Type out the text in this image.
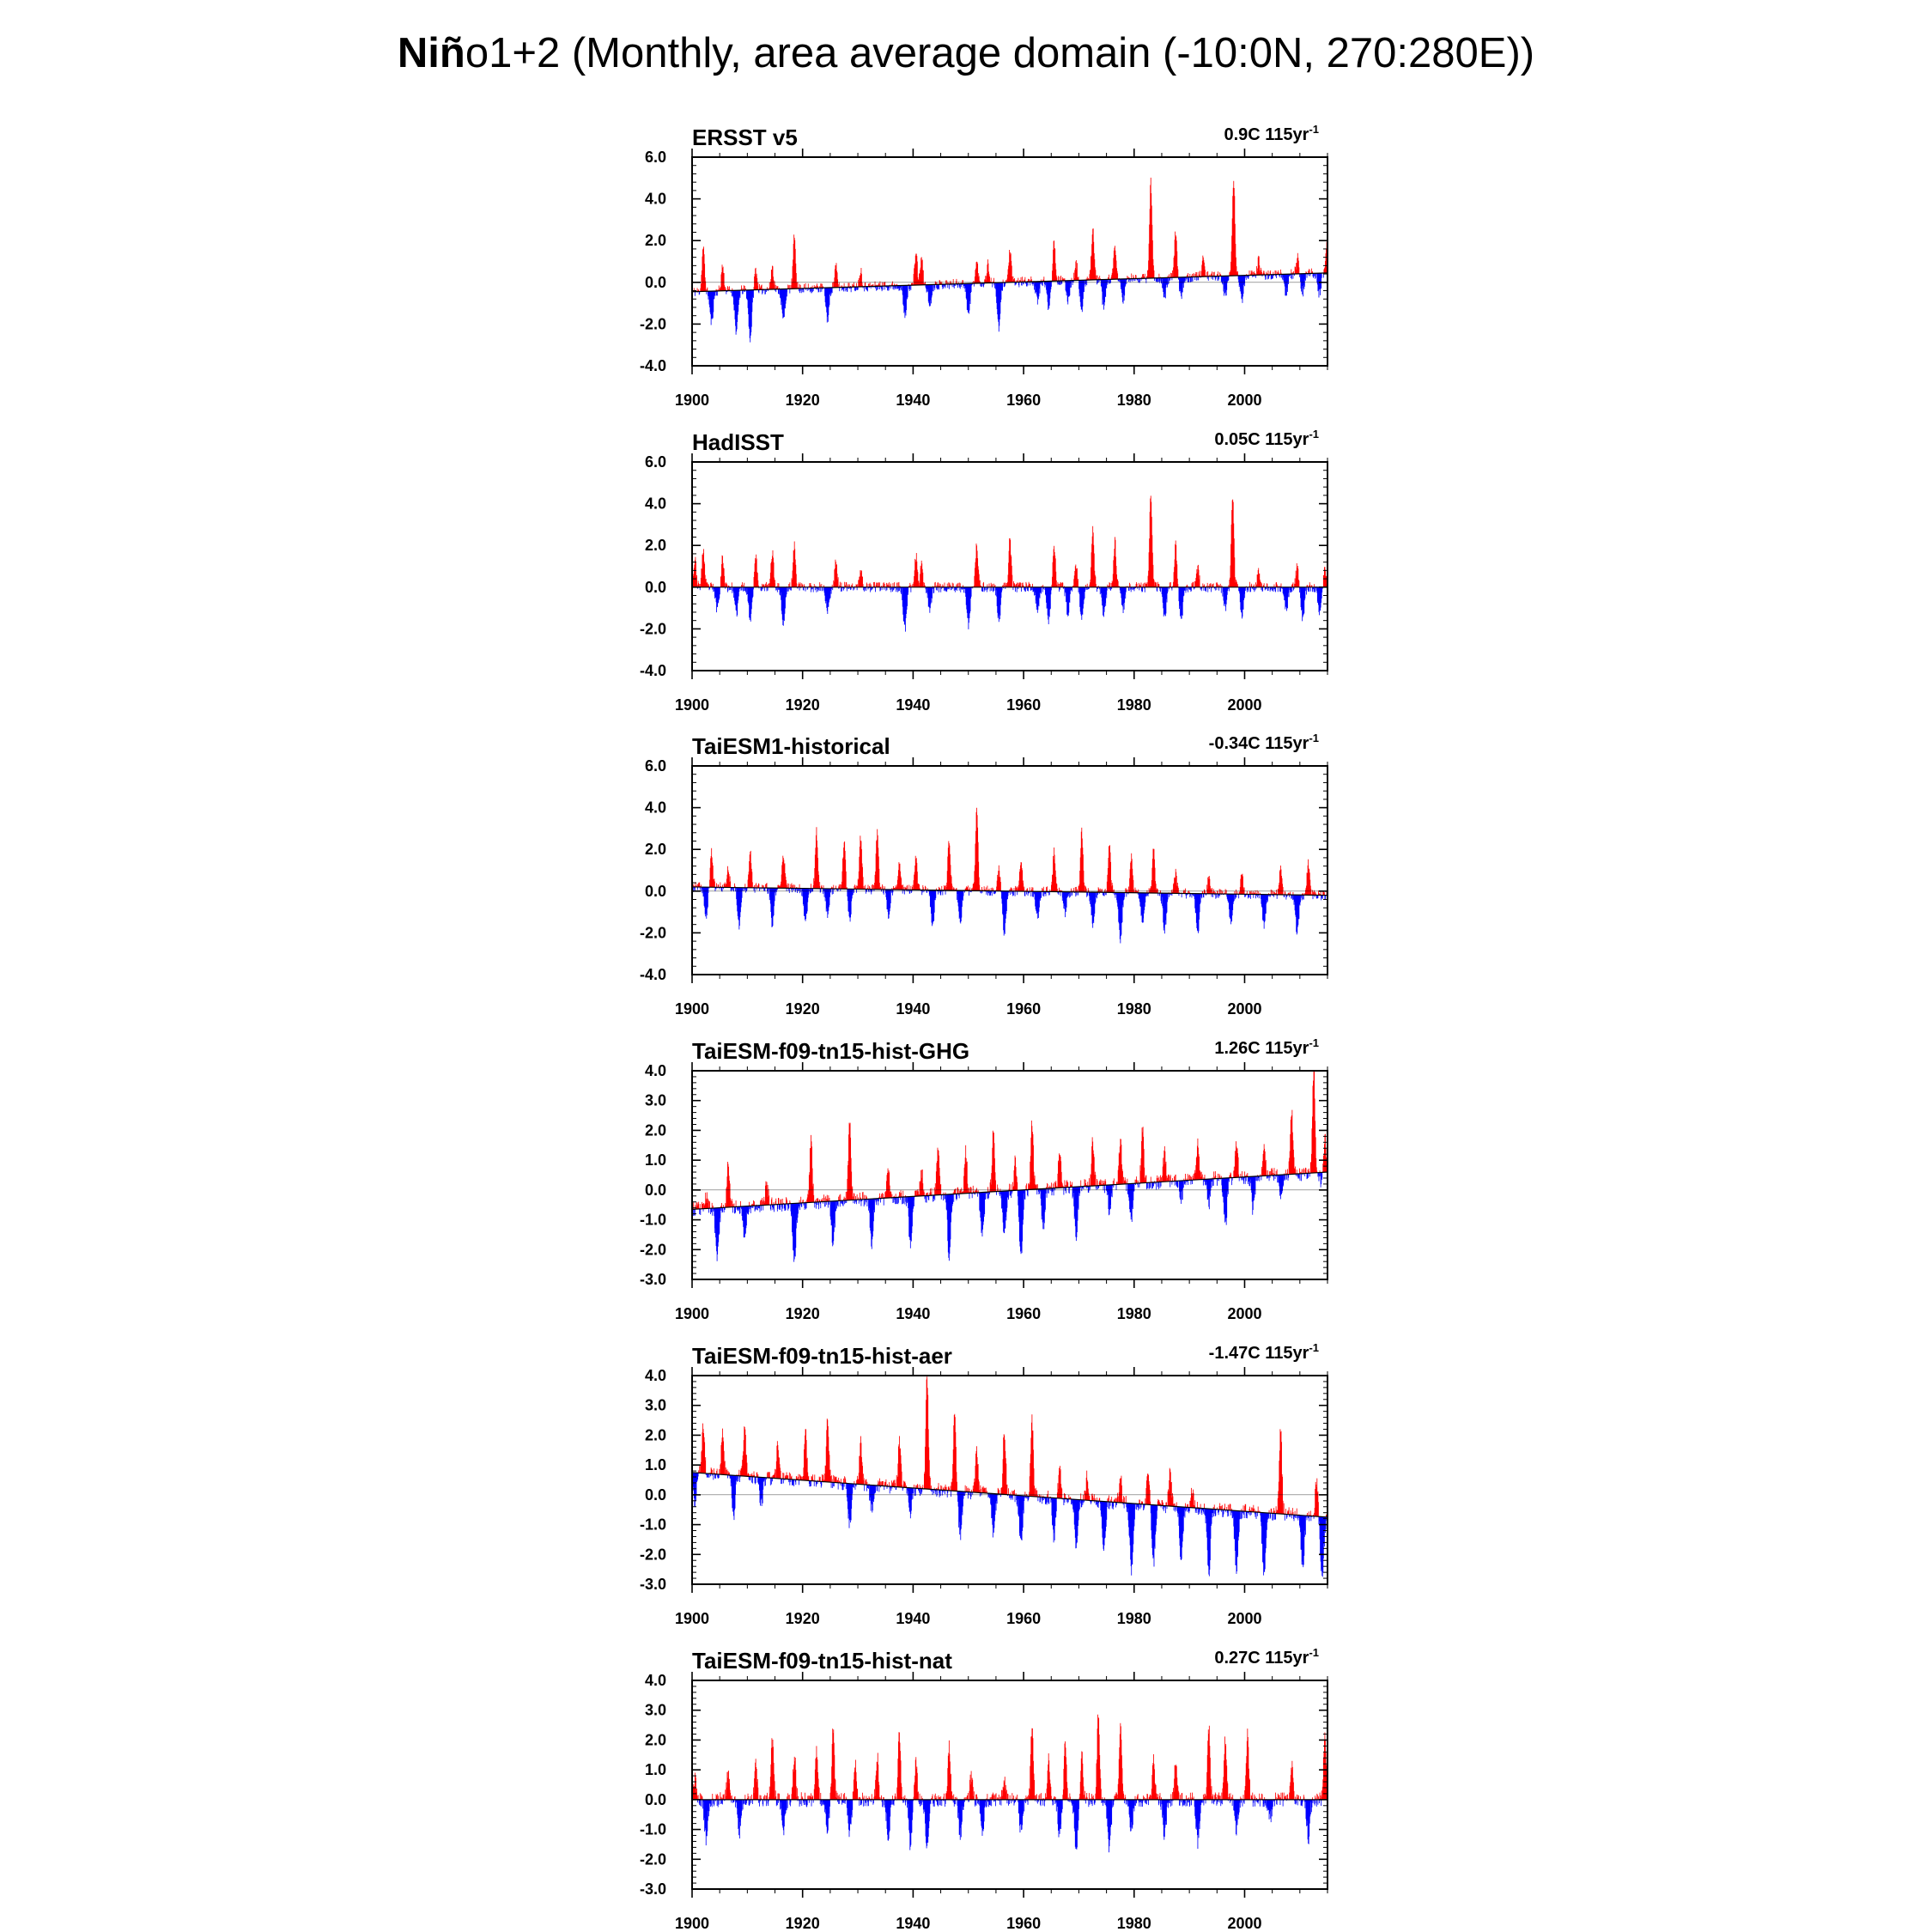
Niño1+2 (Monthly, area average domain (-10:0N, 270:280E))
-4.0
-2.0
0.0
2.0
4.0
6.0
1900	1920	1940	1960	1980	2000
ERSST v5	0.9C $115yr^{-1}$
-4.0
-2.0
0.0
2.0
4.0
6.0
1900	1920	1940	1960	1980	2000
HadISST	0.05C $115yr^{-1}$
-4.0
-2.0
0.0
2.0
4.0
6.0
1900	1920	1940	1960	1980	2000
TaiESM1-historical	-0.34C $115yr^{-1}$
-3.0
-2.0
-1.0
0.0
1.0
2.0
3.0
4.0
1900	1920	1940	1960	1980	2000
TaiESM-f09-tn15-hist-GHG	1.26C $115yr^{-1}$
-3.0
-2.0
-1.0
0.0
1.0
2.0
3.0
4.0
1900	1920	1940	1960	1980	2000
TaiESM-f09-tn15-hist-aer	-1.47C $115yr^{-1}$
-3.0
-2.0
-1.0
0.0
1.0
2.0
3.0
4.0
1900	1920	1940	1960	1980	2000
TaiESM-f09-tn15-hist-nat	0.27C $115yr^{-1}$
